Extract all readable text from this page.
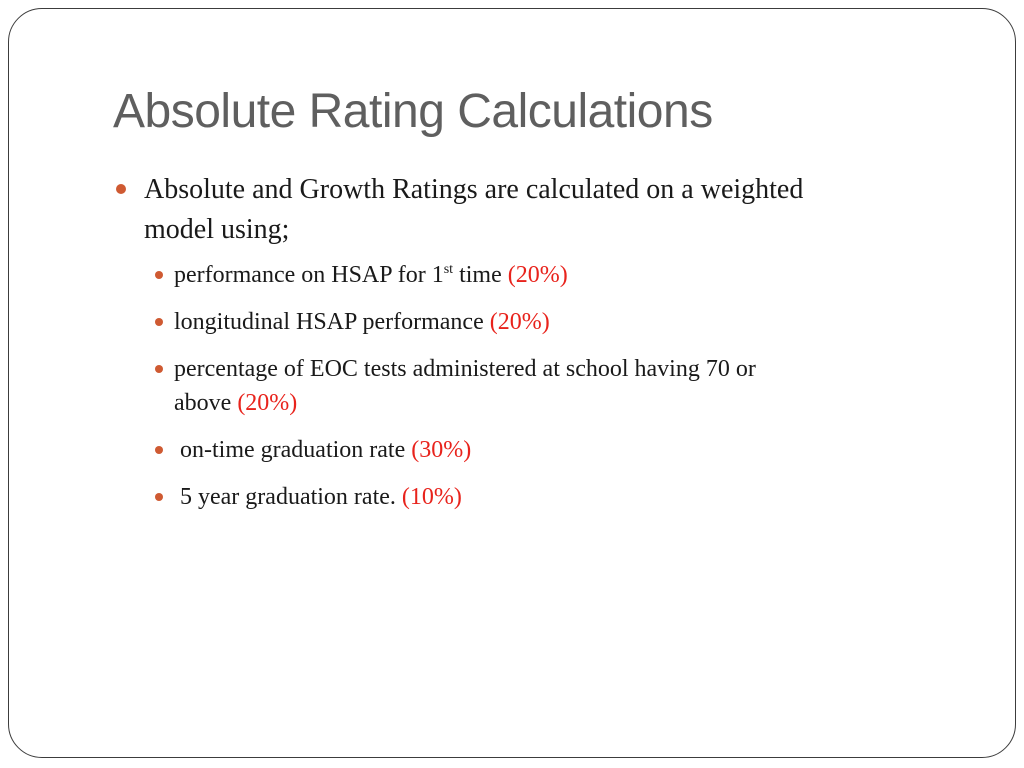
Absolute Rating Calculations
Absolute and Growth Ratings are calculated on a weighted
model using;
performance on HSAP for 1st time (20%)
longitudinal HSAP performance (20%)
percentage of EOC tests administered at school having 70 or
above (20%)
on-time graduation rate (30%)
5 year graduation rate. (10%)
